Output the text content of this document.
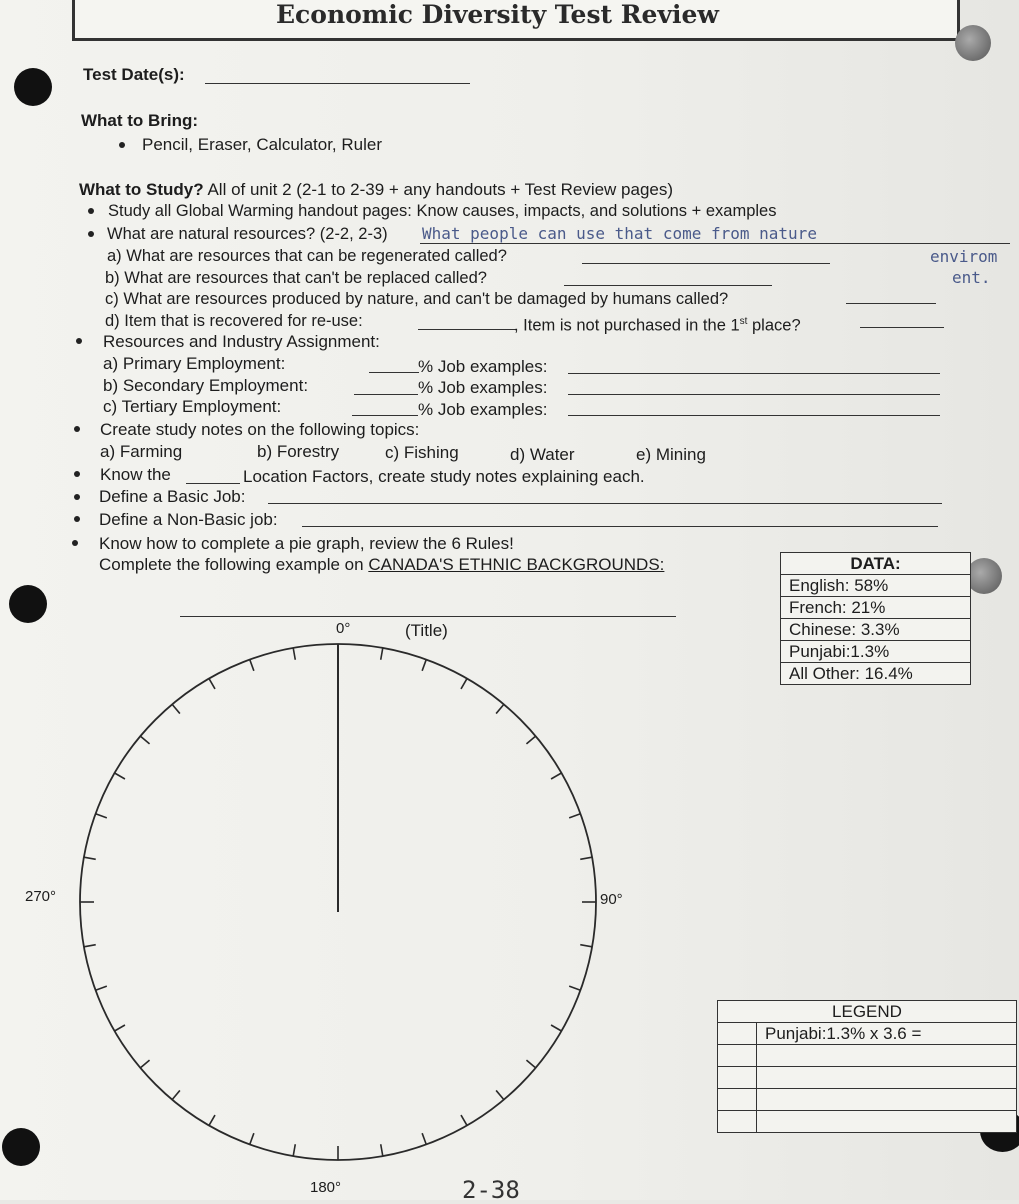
Economic Diversity Test Review
Test Date(s):
What to Bring:
Pencil, Eraser, Calculator, Ruler
What to Study? All of unit 2 (2-1 to 2-39 + any handouts + Test Review pages)
Study all Global Warming handout pages: Know causes, impacts, and solutions + examples
What are natural resources? (2-2, 2-3) What people can use that come from nature
envirom
ent.
a) What are resources that can be regenerated called?
b) What are resources that can't be replaced called?
c) What are resources produced by nature, and can't be damaged by humans called?
d) Item that is recovered for re-use:	, Item is not purchased in the 1st place?
Resources and Industry Assignment:
a) Primary Employment:	% Job examples:
b) Secondary Employment:	% Job examples:
c) Tertiary Employment:	% Job examples:
Create study notes on the following topics:
a) Farming	b) Forestry	c) Fishing	d) Water	e) Mining
Know the	Location Factors, create study notes explaining each.
Define a Basic Job:
Define a Non-Basic job:
Know how to complete a pie graph, review the 6 Rules!
Complete the following example on CANADA'S ETHNIC BACKGROUNDS:
(Title)
0°
90°
180°
270°
DATA:
English: 58%
French: 21%
Chinese: 3.3%
Punjabi:1.3%
All Other: 16.4%
LEGEND	
	Punjabi:1.3% x 3.6 =

2-38
